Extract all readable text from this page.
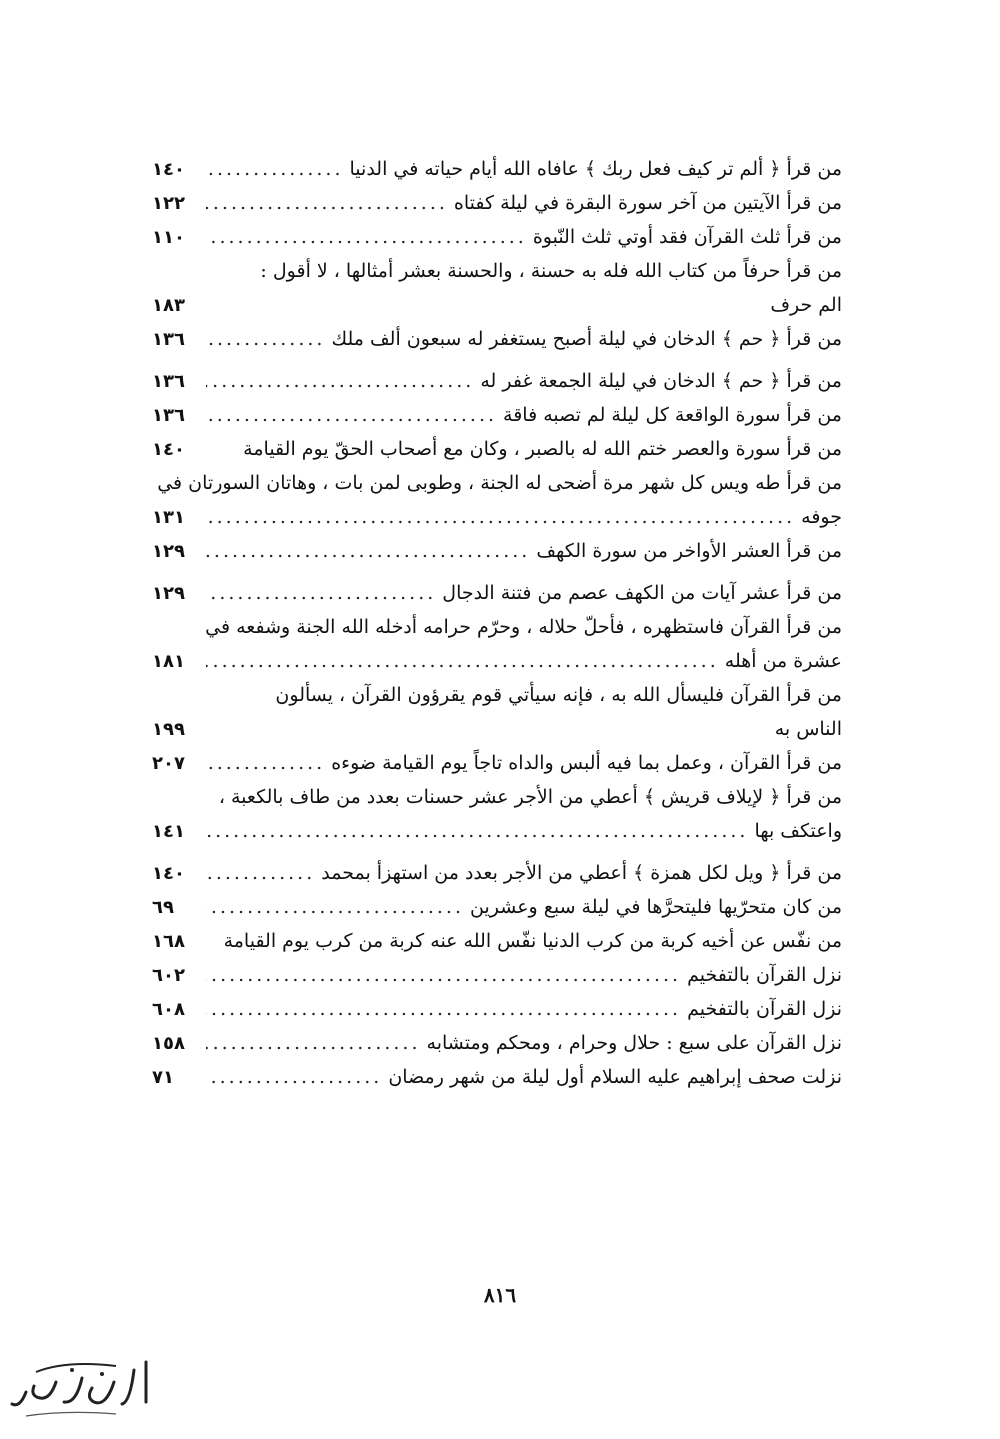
من قرأ ﴿ ألم تر كيف فعل ربك ﴾ عافاه الله أيام حياته في الدنيا
.....
١٤٠
من قرأ الآيتين من آخر سورة البقرة في ليلة كفتاه
.....
١٢٢
من قرأ ثلث القرآن فقد أوتي ثلث النّبوة
.....
١١٠
من قرأ حرفاً من كتاب الله فله به حسنة ، والحسنة بعشر أمثالها ، لا أقول :
الم حرف
١٨٣
من قرأ ﴿ حم ﴾ الدخان في ليلة أصبح يستغفر له سبعون ألف ملك
.....
١٣٦
من قرأ ﴿ حم ﴾ الدخان في ليلة الجمعة غفر له
.....
١٣٦
من قرأ سورة الواقعة كل ليلة لم تصبه فاقة
.....
١٣٦
من قرأ سورة والعصر ختم الله له بالصبر ، وكان مع أصحاب الحقّ يوم القيامة
١٤٠
من قرأ طه ويس كل شهر مرة أضحى له الجنة ، وطوبى لمن بات ، وهاتان السورتان في
جوفه
.....
١٣١
من قرأ العشر الأواخر من سورة الكهف
.....
١٢٩
من قرأ عشر آيات من الكهف عصم من فتنة الدجال
.....
١٢٩
من قرأ القرآن فاستظهره ، فأحلّ حلاله ، وحرّم حرامه أدخله الله الجنة وشفعه في
عشرة من أهله
.....
١٨١
من قرأ القرآن فليسأل الله به ، فإنه سيأتي قوم يقرؤون القرآن ، يسألون
الناس به
١٩٩
من قرأ القرآن ، وعمل بما فيه ألبس والداه تاجاً يوم القيامة ضوءه
.....
٢٠٧
من قرأ ﴿ لإيلاف قريش ﴾ أعطي من الأجر عشر حسنات بعدد من طاف بالكعبة ،
واعتكف بها
.....
١٤١
من قرأ ﴿ ويل لكل همزة ﴾ أعطي من الأجر بعدد من استهزأ بمحمد
.....
١٤٠
من كان متحرّيها فليتحرَّها في ليلة سبع وعشرين
.....
٦٩
من نفّس عن أخيه كربة من كرب الدنيا نفّس الله عنه كربة من كرب يوم القيامة
١٦٨
نزل القرآن بالتفخيم
.....
٦٠٢
نزل القرآن بالتفخيم
.....
٦٠٨
نزل القرآن على سبع : حلال وحرام ، ومحكم ومتشابه
.....
١٥٨
نزلت صحف إبراهيم عليه السلام أول ليلة من شهر رمضان
.....
٧١
٨١٦
